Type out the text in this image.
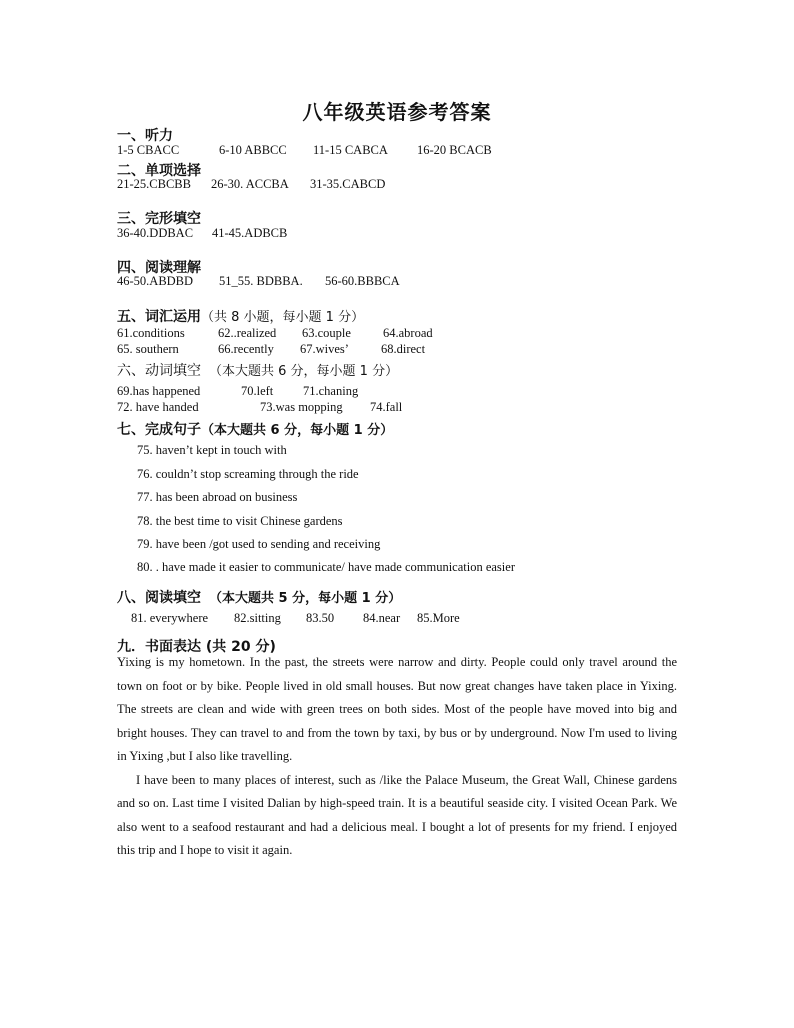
八年级英语参考答案
一、听力
1-5 CBACC	6-10 ABBCC 11-15 CABCA 16-20 BCACB
二、单项选择
21-25.CBCBB 26-30. ACCBA 31-35.CABCD
三、完形填空
36-40.DDBAC 41-45.ADBCB
四、阅读理解
46-50.ABDBD 51_55. BDBBA. 56-60.BBBCA
五、词汇运用（共 8 小题，每小题 1 分）
61.conditions	62..realized 63.couple	64.abroad
65. southern	66.recently 67.wives’	68.direct
六、动词填空 （本大题共 6 分，每小题 1 分）
69.has happened	70.left 71.chaning
72. have handed	73.was mopping 74.fall
七、完成句子（本大题共 6 分，每小题 1 分）
75. haven’t kept in touch with
76. couldn’t stop screaming through the ride
77. has been abroad on business
78. the best time to visit Chinese gardens
79. have been /got used to sending and receiving
80. . have made it easier to communicate/ have made communication easier
八、阅读填空 （本大题共 5 分，每小题 1 分）
81. everywhere 82.sitting 83.50 84.near 85.More
九．书面表达 (共 20 分)

Yixing is my hometown. In the past, the streets were narrow and dirty. People could only travel around the town on foot or by bike. People lived in old small houses. But now great changes have taken place in Yixing. The streets are clean and wide with green trees on both sides. Most of the people have moved into big and bright houses. They can travel to and from the town by taxi, by bus or by underground. Now I'm used to living in Yixing ,but I also like travelling.

I have been to many places of interest, such as /like the Palace Museum, the Great Wall, Chinese gardens and so on. Last time I visited Dalian by high-speed train. It is a beautiful seaside city. I visited Ocean Park. We also went to a seafood restaurant and had a delicious meal. I bought a lot of presents for my friend. I enjoyed this trip and I hope to visit it again.
